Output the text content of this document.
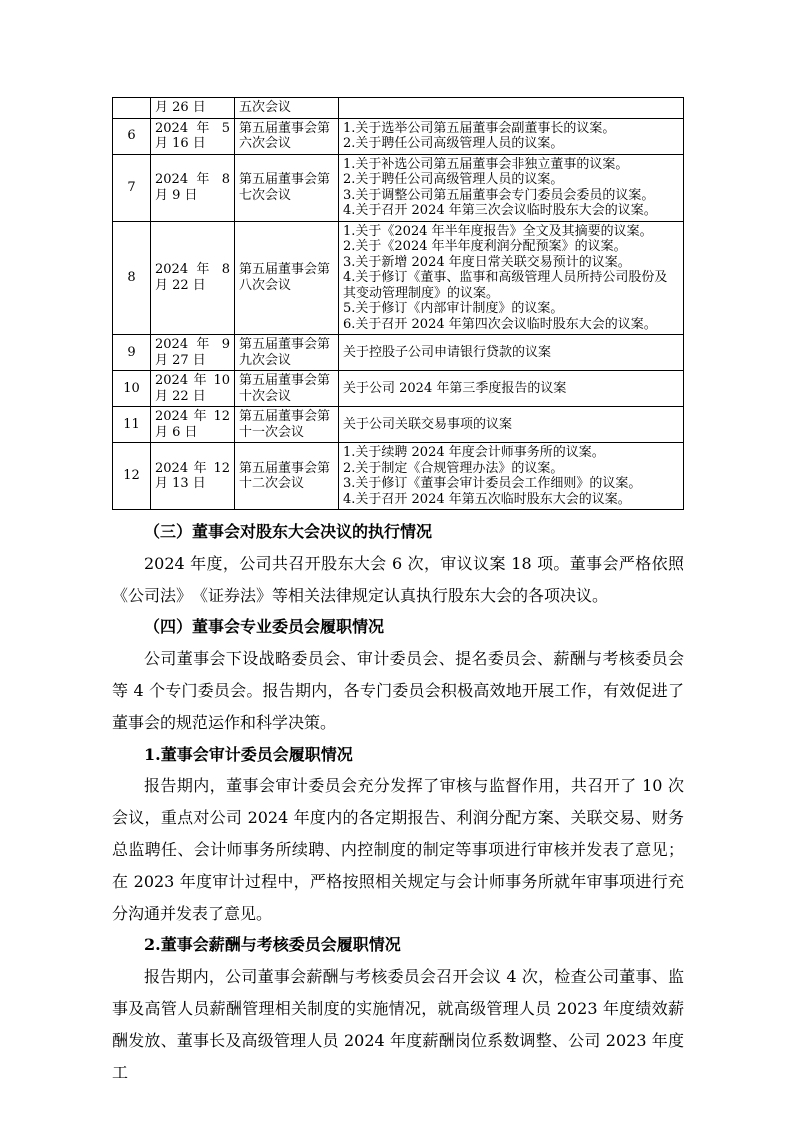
	月 26 日	五次会议	
6	2024 年 5 月 16 日	第五届董事会第六次会议	1.关于选举公司第五届董事会副董事长的议案。
2.关于聘任公司高级管理人员的议案。

7	2024 年 8 月 9 日	第五届董事会第七次会议	1.关于补选公司第五届董事会非独立董事的议案。
2.关于聘任公司高级管理人员的议案。
3.关于调整公司第五届董事会专门委员会委员的议案。
4.关于召开 2024 年第三次会议临时股东大会的议案。

8	2024 年 8 月 22 日	第五届董事会第八次会议	
1.关于《2024 年半年度报告》全文及其摘要的议案。
2.关于《2024 年半年度利润分配预案》的议案。
3.关于新增 2024 年度日常关联交易预计的议案。
4.关于修订《董事、监事和高级管理人员所持公司股份及其变动管理制度》的议案。
5.关于修订《内部审计制度》的议案。
6.关于召开 2024 年第四次会议临时股东大会的议案。

9	2024 年 9 月 27 日	第五届董事会第九次会议	关于控股子公司申请银行贷款的议案

10	2024 年 10 月 22 日	第五届董事会第十次会议	关于公司 2024 年第三季度报告的议案

11	2024 年 12 月 6 日	第五届董事会第十一次会议	关于公司关联交易事项的议案

12	2024 年 12 月 13 日	第五届董事会第十二次会议	1.关于续聘 2024 年度会计师事务所的议案。
2.关于制定《合规管理办法》的议案。
3.关于修订《董事会审计委员会工作细则》的议案。
4.关于召开 2024 年第五次临时股东大会的议案。
（三）董事会对股东大会决议的执行情况
2024 年度，公司共召开股东大会 6 次，审议议案 18 项。董事会严格依照《公司法》　《证券法》等相关法律规定认真执行股东大会的各项决议。
（四）董事会专业委员会履职情况
公司董事会下设战略委员会、审计委员会、提名委员会、薪酬与考核委员会等 4 个专门委员会。报告期内，各专门委员会积极高效地开展工作，有效促进了董事会的规范运作和科学决策。
1.董事会审计委员会履职情况
报告期内，董事会审计委员会充分发挥了审核与监督作用，共召开了 10 次会议，重点对公司 2024 年度内的各定期报告、利润分配方案、关联交易、财务总监聘任、会计师事务所续聘、内控制度的制定等事项进行审核并发表了意见；在 2023 年度审计过程中，严格按照相关规定与会计师事务所就年审事项进行充分沟通并发表了意见。
2.董事会薪酬与考核委员会履职情况
报告期内，公司董事会薪酬与考核委员会召开会议 4 次，检查公司董事、监事及高管人员薪酬管理相关制度的实施情况，就高级管理人员 2023 年度绩效薪酬发放、董事长及高级管理人员 2024 年度薪酬岗位系数调整、公司 2023 年度工
